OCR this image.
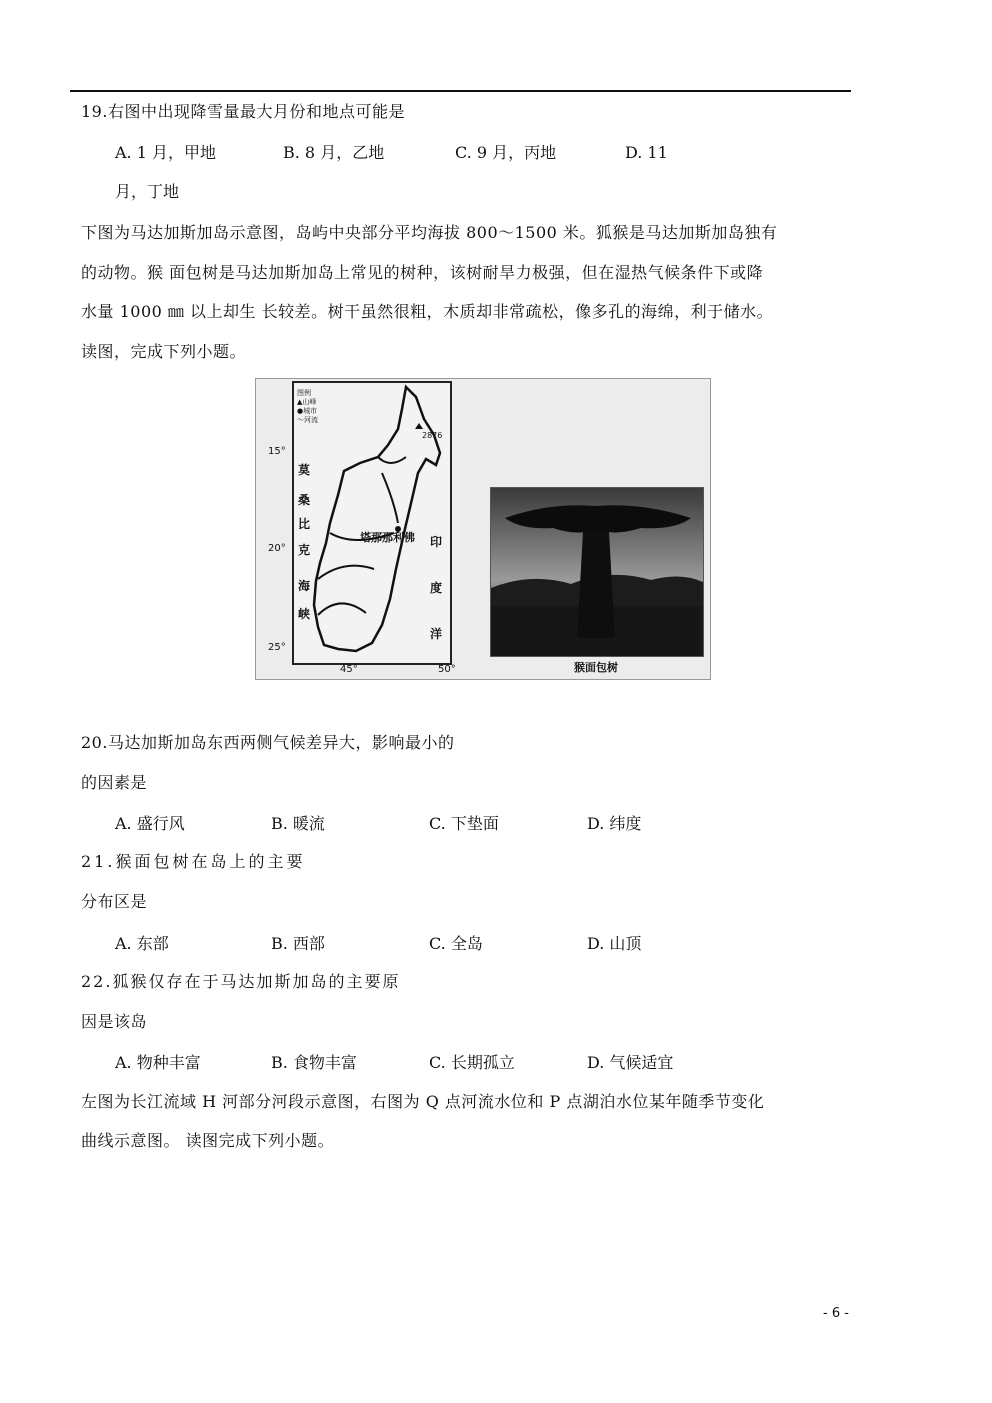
19.右图中出现降雪量最大月份和地点可能是
A. 1 月，甲地	B. 8 月，乙地	C. 9 月，丙地	D. 11
月，丁地
下图为马达加斯加岛示意图，岛屿中央部分平均海拔 800～1500 米。狐猴是马达加斯加岛独有
的动物。猴 面包树是马达加斯加岛上常见的树种，该树耐旱力极强，但在湿热气候条件下或降
水量 1000 ㎜ 以上却生 长较差。树干虽然很粗，木质却非常疏松，像多孔的海绵，利于储水。
读图，完成下列小题。
15°
20°
25°
图例
▲山峰
●城市
～河流
2876
莫
桑
比
克
海
峡
塔那那利佛 印
度
洋
45°	50°	猴面包树
20.马达加斯加岛东西两侧气候差异大，影响最小的
的因素是
A. 盛行风	B. 暖流	C. 下垫面	D. 纬度
21.猴面包树在岛上的主要
分布区是
A. 东部	B. 西部	C. 全岛	D. 山顶
22.狐猴仅存在于马达加斯加岛的主要原
因是该岛
A. 物种丰富	B. 食物丰富	C. 长期孤立	D. 气候适宜
左图为长江流域 H 河部分河段示意图，右图为 Q 点河流水位和 P 点湖泊水位某年随季节变化
曲线示意图。 读图完成下列小题。
- 6 -
